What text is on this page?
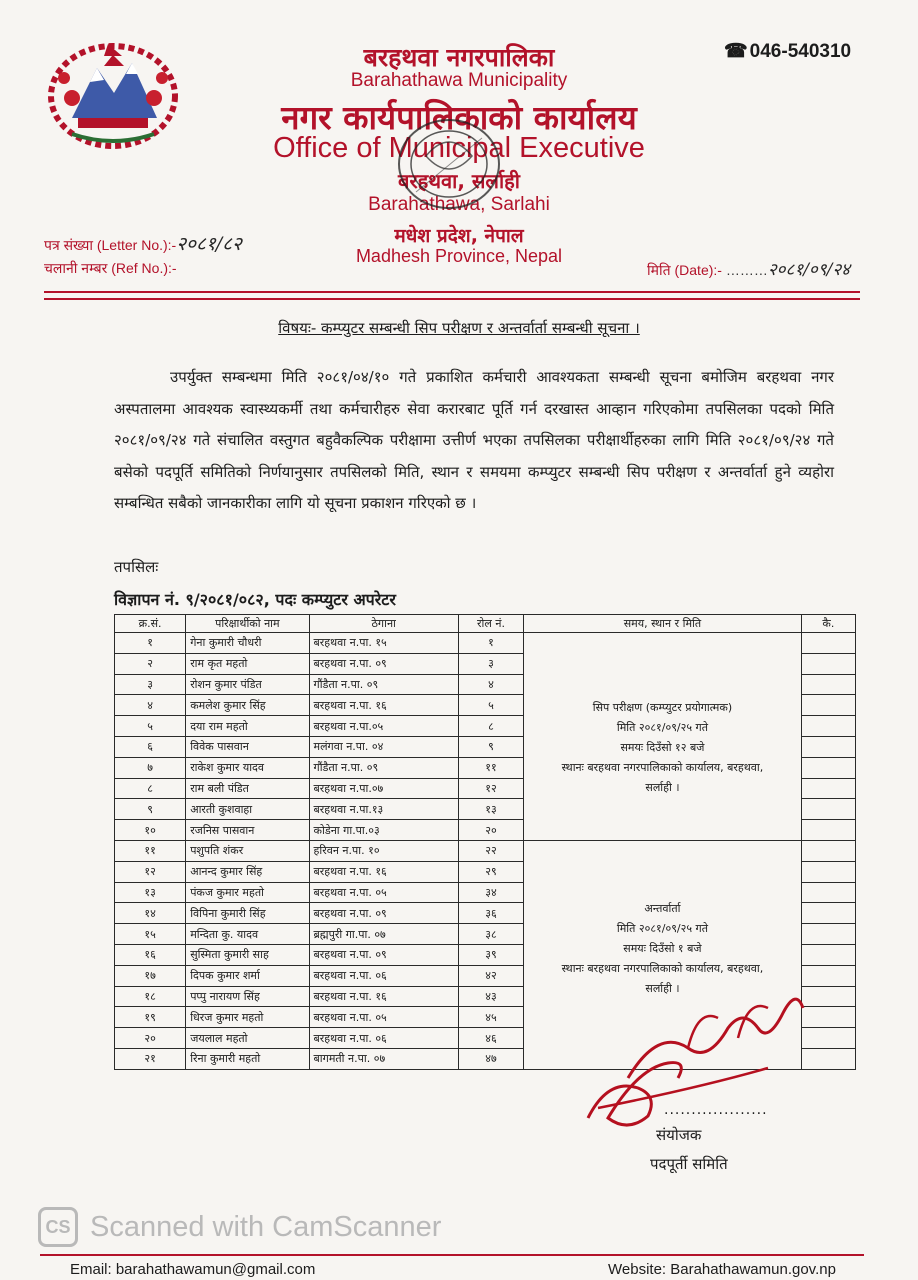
☎ 046-540310
बरहथवा नगरपालिका
Barahathawa Municipality
नगर कार्यपालिकाको कार्यालय
Office of Municipal Executive
बरहथवा, सर्लाही
Barahathawa, Sarlahi
मधेश प्रदेश, नेपाल
Madhesh Province, Nepal
पत्र संख्या (Letter No.):-२०८१/८२
चलानी नम्बर (Ref No.):-	मिति (Date):- ………२०८१/०९/२४
विषयः- कम्प्युटर सम्बन्धी सिप परीक्षण र अन्तर्वार्ता सम्बन्धी सूचना ।
उपर्युक्त सम्बन्धमा मिति २०८१/०४/१० गते प्रकाशित कर्मचारी आवश्यकता सम्बन्धी सूचना बमोजिम बरहथवा नगर अस्पतालमा आवश्यक स्वास्थ्यकर्मी तथा कर्मचारीहरु सेवा करारबाट पूर्ति गर्न दरखास्त आव्हान गरिएकोमा तपसिलका पदको मिति २०८१/०९/२४ गते संचालित वस्तुगत बहुवैकल्पिक परीक्षामा उत्तीर्ण भएका तपसिलका परीक्षार्थीहरुका लागि मिति २०८१/०९/२४ गते बसेको पदपूर्ति समितिको निर्णयानुसार तपसिलको मिति, स्थान र समयमा कम्प्युटर सम्बन्धी सिप परीक्षण र अन्तर्वार्ता हुने व्यहोरा सम्बन्धित सबैको जानकारीका लागि यो सूचना प्रकाशन गरिएको छ ।
तपसिलः
विज्ञापन नं. ९/२०८१/०८२, पदः कम्प्युटर अपरेटर
क्र.सं.	परिक्षार्थीको नाम	ठेगाना	रोल नं.	समय, स्थान र मिति	कै.
१	गेना कुमारी चौधरी	बरहथवा न.पा. १५	१	सिप परीक्षण (कम्प्युटर प्रयोगात्मक)
मिति २०८१/०९/२५ गते
समयः दिउँसो १२ बजे
स्थानः बरहथवा नगरपालिकाको कार्यालय, बरहथवा,
सर्लाही ।	

२	राम कृत महतो	बरहथवा न.पा. ०९	३		
३	रोशन कुमार पंडित	गौंडैता न.पा. ०९	४		
४	कमलेश कुमार सिंह	बरहथवा न.पा. १६	५		
५	दया राम महतो	बरहथवा न.पा.०५	८		
६	विवेक पासवान	मलंगवा न.पा. ०४	९		
७	राकेश कुमार यादव	गौंडैता न.पा. ०९	११		
८	राम बली पंडित	बरहथवा न.पा.०७	१२		
९	आरती कुशवाहा	बरहथवा न.पा.१३	१३		
१०	रजनिस पासवान	कोडेना गा.पा.०३	२०		
११	पशुपति शंकर	हरिवन न.पा. १०	२२	अन्तर्वार्ता
मिति २०८१/०९/२५ गते
समयः दिउँसो १ बजे
स्थानः बरहथवा नगरपालिकाको कार्यालय, बरहथवा,
सर्लाही ।	

१२	आनन्द कुमार सिंह	बरहथवा न.पा. १६	२९		
१३	पंकज कुमार महतो	बरहथवा न.पा. ०५	३४		
१४	विपिना कुमारी सिंह	बरहथवा न.पा. ०९	३६		
१५	मन्दिता कु. यादव	ब्रह्मपुरी गा.पा. ०७	३८		
१६	सुस्मिता कुमारी साह	बरहथवा न.पा. ०९	३९		
१७	दिपक कुमार शर्मा	बरहथवा न.पा. ०६	४२		
१८	पप्पु नारायण सिंह	बरहथवा न.पा. १६	४३		
१९	धिरज कुमार महतो	बरहथवा न.पा. ०५	४५		
२०	जयलाल महतो	बरहथवा न.पा. ०६	४६		
२१	रिना कुमारी महतो	बागमती न.पा. ०७	४७		
...................
संयोजक
पदपूर्ती समिति
CS Scanned with CamScanner
Email: barahathawamun@gmail.com	Website: Barahathawamun.gov.np
